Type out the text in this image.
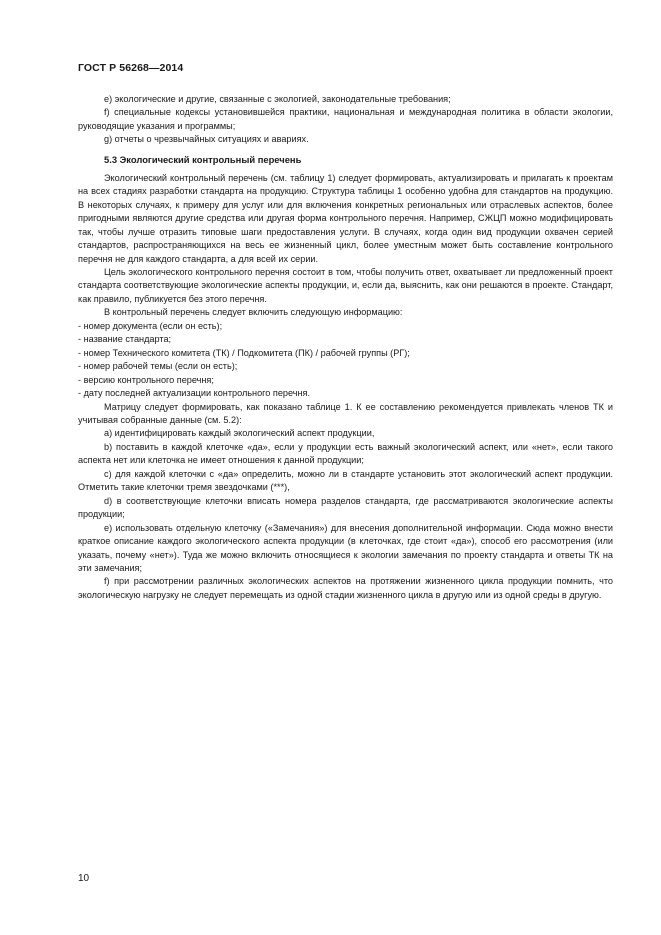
ГОСТ Р 56268—2014

e) экологические и другие, связанные с экологией, законодательные требования;

f) специальные кодексы установившейся практики, национальная и международная политика в области экологии, руководящие указания и программы;

g) отчеты о чрезвычайных ситуациях и авариях.

5.3 Экологический контрольный перечень

Экологический контрольный перечень (см. таблицу 1) следует формировать, актуализировать и прилагать к проектам на всех стадиях разработки стандарта на продукцию. Структура таблицы 1 особенно удобна для стандартов на продукцию. В некоторых случаях, к примеру для услуг или для включения конкретных региональных или отраслевых аспектов, более пригодными являются другие средства или другая форма контрольного перечня. Например, СЖЦП можно модифицировать так, чтобы лучше отразить типовые шаги предоставления услуги. В случаях, когда один вид продукции охвачен серией стандартов, распространяющихся на весь ее жизненный цикл, более уместным может быть составление контрольного перечня не для каждого стандарта, а для всей их серии.

Цель экологического контрольного перечня состоит в том, чтобы получить ответ, охватывает ли предложенный проект стандарта соответствующие экологические аспекты продукции, и, если да, выяснить, как они решаются в проекте. Стандарт, как правило, публикуется без этого перечня.

В контрольный перечень следует включить следующую информацию:

- номер документа (если он есть);

- название стандарта;

- номер Технического комитета (ТК) / Подкомитета (ПК) / рабочей группы (РГ);

- номер рабочей темы (если он есть);

- версию контрольного перечня;

- дату последней актуализации контрольного перечня.

Матрицу следует формировать, как показано таблице 1. К ее составлению рекомендуется привлекать членов ТК и учитывая собранные данные (см. 5.2):

a) идентифицировать каждый экологический аспект продукции,

b) поставить в каждой клеточке «да», если у продукции есть важный экологический аспект, или «нет», если такого аспекта нет или клеточка не имеет отношения к данной продукции;

c) для каждой клеточки с «да» определить, можно ли в стандарте установить этот экологический аспект продукции. Отметить такие клеточки тремя звездочками (***),

d) в соответствующие клеточки вписать номера разделов стандарта, где рассматриваются экологические аспекты продукции;

e) использовать отдельную клеточку («Замечания») для внесения дополнительной информации. Сюда можно внести краткое описание каждого экологического аспекта продукции (в клеточках, где стоит «да»), способ его рассмотрения (или указать, почему «нет»). Туда же можно включить относящиеся к экологии замечания по проекту стандарта и ответы ТК на эти замечания;

f) при рассмотрении различных экологических аспектов на протяжении жизненного цикла продукции помнить, что экологическую нагрузку не следует перемещать из одной стадии жизненного цикла в другую или из одной среды в другую.

10
